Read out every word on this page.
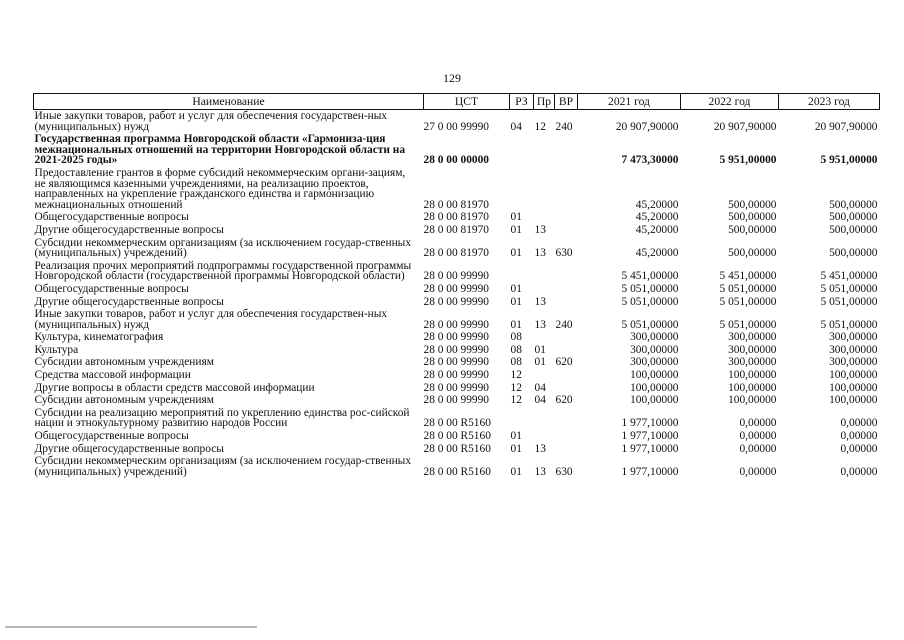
129
Наименование	ЦСТ	РЗ	Пр	ВР	2021 год	2022 год	2023 год
Иные закупки товаров, работ и услуг для обеспечения государствен-ных (муниципальных) нужд	27 0 00 99990	04	12	240	20 907,90000	20 907,90000	20 907,90000
Государственная программа Новгородской области «Гармониза-ция межнациональных отношений на территории Новгородской области на 2021-2025 годы»	28 0 00 00000				7 473,30000	5 951,00000	5 951,00000
Предоставление грантов в форме субсидий некоммерческим органи-зациям, не являющимся казенными учреждениями, на реализацию проектов, направленных на укрепление гражданского единства и гармонизацию межнациональных отношений	28 0 00 81970				45,20000	500,00000	500,00000
Общегосударственные вопросы	28 0 00 81970	01			45,20000	500,00000	500,00000
Другие общегосударственные вопросы	28 0 00 81970	01	13		45,20000	500,00000	500,00000
Субсидии некоммерческим организациям (за исключением государ-ственных (муниципальных) учреждений)	28 0 00 81970	01	13	630	45,20000	500,00000	500,00000
Реализация прочих мероприятий подпрограммы государственной программы Новгородской области (государственной программы Новгородской области)	28 0 00 99990				5 451,00000	5 451,00000	5 451,00000
Общегосударственные вопросы	28 0 00 99990	01			5 051,00000	5 051,00000	5 051,00000
Другие общегосударственные вопросы	28 0 00 99990	01	13		5 051,00000	5 051,00000	5 051,00000
Иные закупки товаров, работ и услуг для обеспечения государствен-ных (муниципальных) нужд	28 0 00 99990	01	13	240	5 051,00000	5 051,00000	5 051,00000
Культура, кинематография	28 0 00 99990	08			300,00000	300,00000	300,00000
Культура	28 0 00 99990	08	01		300,00000	300,00000	300,00000
Субсидии автономным учреждениям	28 0 00 99990	08	01	620	300,00000	300,00000	300,00000
Средства массовой информации	28 0 00 99990	12			100,00000	100,00000	100,00000
Другие вопросы в области средств массовой информации	28 0 00 99990	12	04		100,00000	100,00000	100,00000
Субсидии автономным учреждениям	28 0 00 99990	12	04	620	100,00000	100,00000	100,00000
Субсидии на реализацию мероприятий по укреплению единства рос-сийской нации и этнокультурному развитию народов России	28 0 00 R5160				1 977,10000	0,00000	0,00000
Общегосударственные вопросы	28 0 00 R5160	01			1 977,10000	0,00000	0,00000
Другие общегосударственные вопросы	28 0 00 R5160	01	13		1 977,10000	0,00000	0,00000
Субсидии некоммерческим организациям (за исключением государ-ственных (муниципальных) учреждений)	28 0 00 R5160	01	13	630	1 977,10000	0,00000	0,00000
